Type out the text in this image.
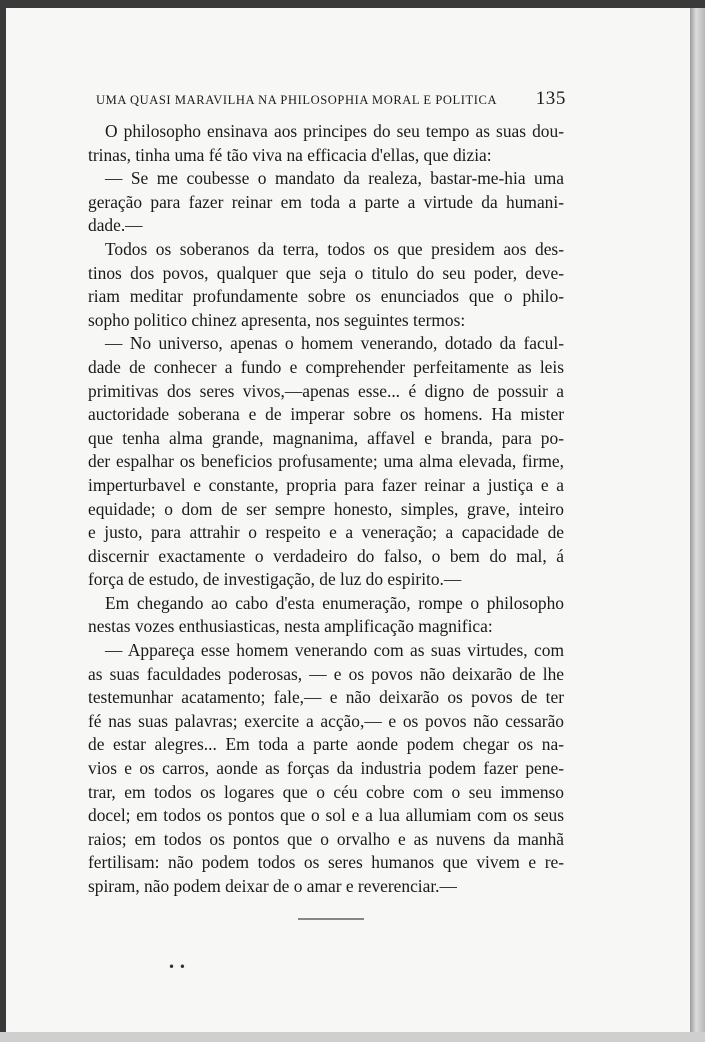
UMA QUASI MARAVILHA NA PHILOSOPHIA MORAL E POLITICA 135
O philosopho ensinava aos principes do seu tempo as suas dou-
trinas, tinha uma fé tão viva na efficacia d'ellas, que dizia:
— Se me coubesse o mandato da realeza, bastar-me-hia uma
geração para fazer reinar em toda a parte a virtude da humani-
dade.—
Todos os soberanos da terra, todos os que presidem aos des-
tinos dos povos, qualquer que seja o titulo do seu poder, deve-
riam meditar profundamente sobre os enunciados que o philo-
sopho politico chinez apresenta, nos seguintes termos:
— No universo, apenas o homem venerando, dotado da facul-
dade de conhecer a fundo e comprehender perfeitamente as leis
primitivas dos seres vivos,—apenas esse... é digno de possuir a
auctoridade soberana e de imperar sobre os homens. Ha mister
que tenha alma grande, magnanima, affavel e branda, para po-
der espalhar os beneficios profusamente; uma alma elevada, firme,
imperturbavel e constante, propria para fazer reinar a justiça e a
equidade; o dom de ser sempre honesto, simples, grave, inteiro
e justo, para attrahir o respeito e a veneração; a capacidade de
discernir exactamente o verdadeiro do falso, o bem do mal, á
força de estudo, de investigação, de luz do espirito.—
Em chegando ao cabo d'esta enumeração, rompe o philosopho
nestas vozes enthusiasticas, nesta amplificação magnifica:
— Appareça esse homem venerando com as suas virtudes, com
as suas faculdades poderosas, — e os povos não deixarão de lhe
testemunhar acatamento; fale,— e não deixarão os povos de ter
fé nas suas palavras; exercite a acção,— e os povos não cessarão
de estar alegres... Em toda a parte aonde podem chegar os na-
vios e os carros, aonde as forças da industria podem fazer pene-
trar, em todos os logares que o céu cobre com o seu immenso
docel; em todos os pontos que o sol e a lua allumiam com os seus
raios; em todos os pontos que o orvalho e as nuvens da manhã
fertilisam: não podem todos os seres humanos que vivem e re-
spiram, não podem deixar de o amar e reverenciar.—
• •
